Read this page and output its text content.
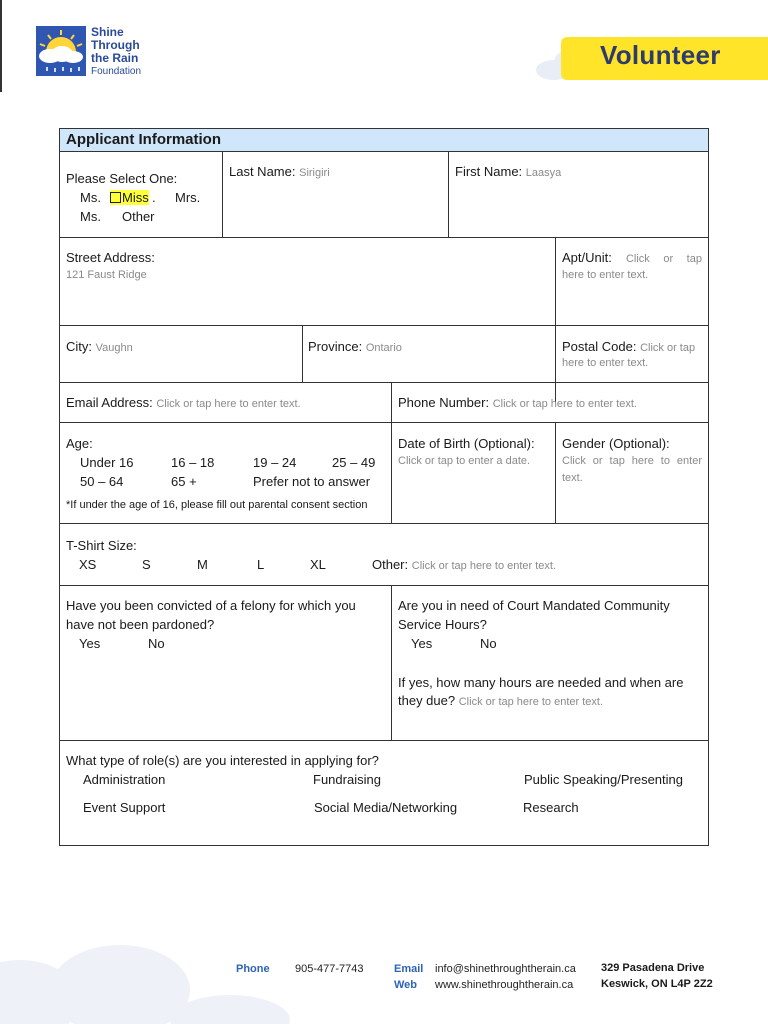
Shine
Through
the Rain
Foundation
Volunteer
Applicant Information
Please Select One:
Ms.	Miss . Mrs.
Ms. Other
Last Name: Sirigiri	First Name: Laasya
Street Address:
121 Faust Ridge
Apt/Unit: Click or tap
here to enter text.
City: Vaughn	Province: Ontario	Postal Code: Click or tap
here to enter text.
Email Address: Click or tap here to enter text.	Phone Number: Click or tap here to enter text.
Age:
Under 16	16 – 18	19 – 24	25 – 49
50 – 64	65 +	Prefer not to answer
*If under the age of 16, please fill out parental consent section
Date of Birth (Optional):
Click or tap to enter a date.
Gender (Optional):
Click or tap here to enter
text.
T-Shirt Size:
XS	S	M	L	XL	Other: Click or tap here to enter text.
Have you been convicted of a felony for which you
have not been pardoned?
Yes	No
Are you in need of Court Mandated Community
Service Hours?
Yes	No
If yes, how many hours are needed and when are
they due? Click or tap here to enter text.
What type of role(s) are you interested in applying for?
Administration	Fundraising	Public Speaking/Presenting
Event Support	Social Media/Networking	Research
Phone 905-477-7743	Email info@shinethroughtherain.ca
Web www.shinethroughtherain.ca
329 Pasadena Drive
Keswick, ON L4P 2Z2
